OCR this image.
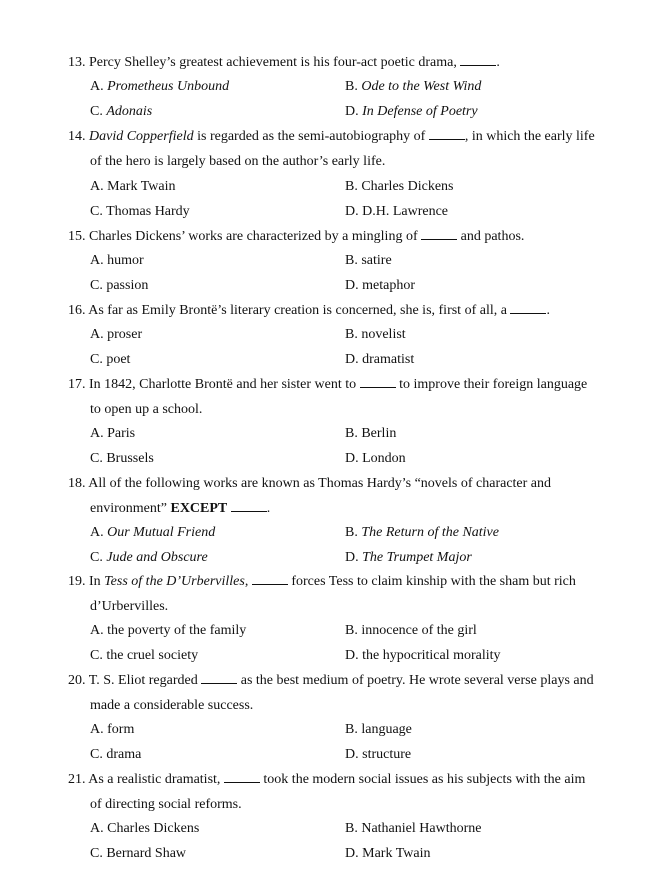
13. Percy Shelley’s greatest achievement is his four-act poetic drama,	.
A. Prometheus Unbound	B. Ode to the West Wind
C. Adonais	D. In Defense of Poetry
14. David Copperfield is regarded as the semi-autobiography of	, in which the early life
of the hero is largely based on the author’s early life.
A. Mark Twain	B. Charles Dickens
C. Thomas Hardy	D. D.H. Lawrence
15. Charles Dickens’ works are characterized by a mingling of	and pathos.
A. humor	B. satire
C. passion	D. metaphor
16. As far as Emily Brontë’s literary creation is concerned, she is, first of all, a	.
A. proser	B. novelist
C. poet	D. dramatist
17. In 1842, Charlotte Brontë and her sister went to	to improve their foreign language
to open up a school.
A. Paris	B. Berlin
C. Brussels	D. London
18. All of the following works are known as Thomas Hardy’s “novels of character and
environment” EXCEPT	.
A. Our Mutual Friend	B. The Return of the Native
C. Jude and Obscure	D. The Trumpet Major
19. In Tess of the D’Urbervilles,	forces Tess to claim kinship with the sham but rich
d’Urbervilles.
A. the poverty of the family	B. innocence of the girl
C. the cruel society	D. the hypocritical morality
20. T. S. Eliot regarded	as the best medium of poetry. He wrote several verse plays and
made a considerable success.
A. form	B. language
C. drama	D. structure
21. As a realistic dramatist,	took the modern social issues as his subjects with the aim
of directing social reforms.
A. Charles Dickens	B. Nathaniel Hawthorne
C. Bernard Shaw	D. Mark Twain
